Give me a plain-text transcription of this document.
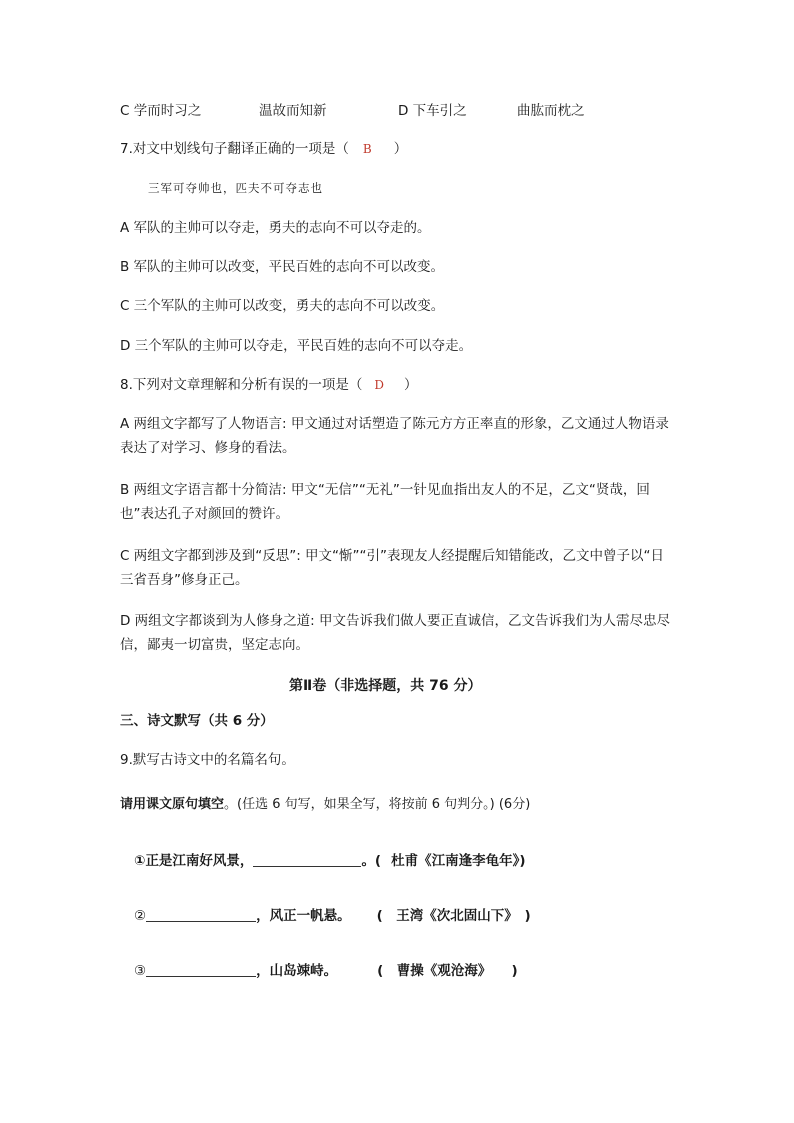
C 学而时习之	温故而知新	D 下车引之	曲肱而枕之
7.对文中划线句子翻译正确的一项是（ B ）
三军可夺帅也，匹夫不可夺志也
A 军队的主帅可以夺走，勇夫的志向不可以夺走的。
B 军队的主帅可以改变，平民百姓的志向不可以改变。
C 三个军队的主帅可以改变，勇夫的志向不可以改变。
D 三个军队的主帅可以夺走，平民百姓的志向不可以夺走。
8.下列对文章理解和分析有误的一项是（ D ）
A 两组文字都写了人物语言: 甲文通过对话塑造了陈元方方正率直的形象，乙文通过人物语录表达了对学习、修身的看法。
B 两组文字语言都十分简洁: 甲文“无信”“无礼”一针见血指出友人的不足，乙文“贤哉，回也”表达孔子对颜回的赞许。
C 两组文字都到涉及到“反思”: 甲文“惭”“引”表现友人经提醒后知错能改，乙文中曾子以“日三省吾身”修身正己。
D 两组文字都谈到为人修身之道: 甲文告诉我们做人要正直诚信，乙文告诉我们为人需尽忠尽信，鄙夷一切富贵，坚定志向。
第Ⅱ卷（非选择题，共 76 分）
三、诗文默写（共 6 分）
9.默写古诗文中的名篇名句。
请用课文原句填空。(任选 6 句写，如果全写，将按前 6 句判分。) (6分)
①正是江南好风景，	。( 杜甫《江南逢李龟年》)
②	，风正一帆悬。 (　王湾《次北固山下》　)
③	，山岛竦峙。	(　曹操《观沧海》　　)
